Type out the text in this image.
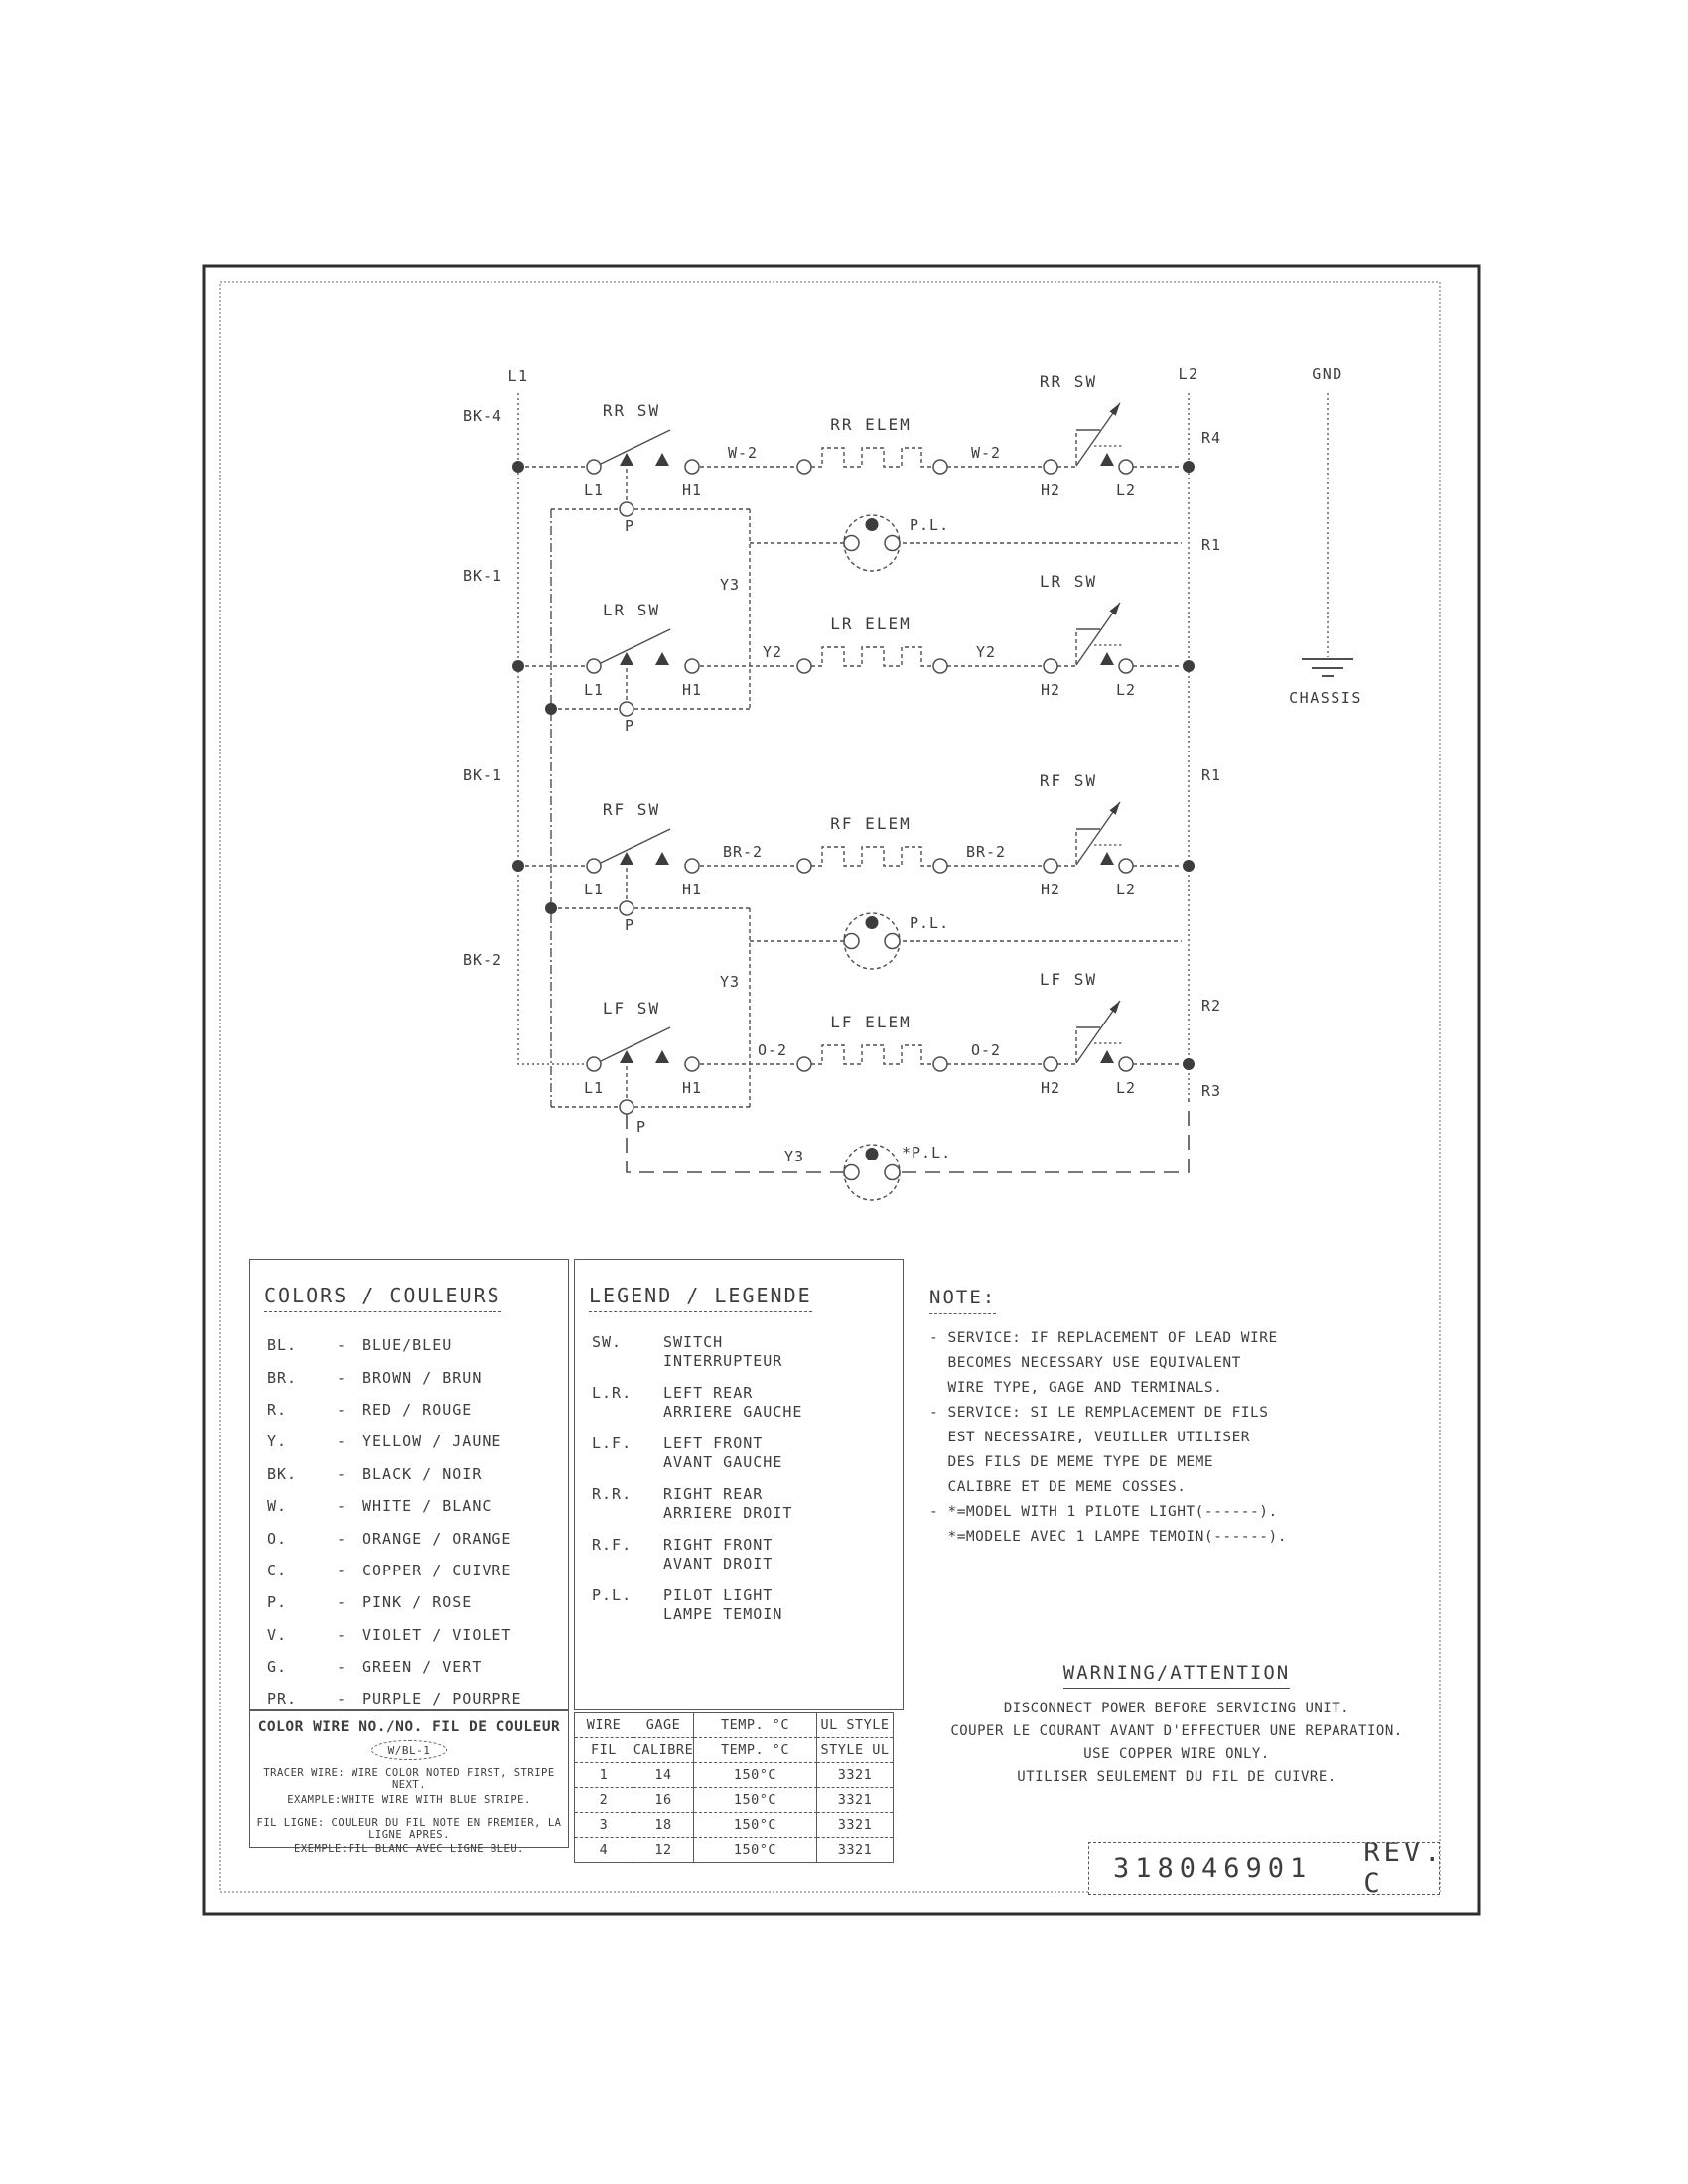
RR SW
RR ELEM
RR SW
W-2	W-2
L1	H1
P
H2	L2
LR SW
LR ELEM
LR SW
Y2	Y2
L1	H1
P
H2	L2
RF SW
RF ELEM
RF SW
BR-2	BR-2
L1	H1
P
H2	L2
LF SW
LF ELEM
LF SW
O-2	O-2
L1	H1
P
H2	L2
P.L.
P.L.
*P.L.
Y3
Y3
Y3
L1	L2	GND
CHASSIS
BK-4
BK-1
BK-1
BK-2
R4
R1
R1
R2
R3
COLORS / COULEURS
BL.	-	BLUE/BLEU
BR.	-	BROWN / BRUN
R.	-	RED / ROUGE
Y.	-	YELLOW / JAUNE
BK.	-	BLACK / NOIR
W.	-	WHITE / BLANC
O.	-	ORANGE / ORANGE
C.	-	COPPER / CUIVRE
P.	-	PINK / ROSE
V.	-	VIOLET / VIOLET
G.	-	GREEN / VERT
PR.	-	PURPLE / POURPRE
COLOR WIRE NO./NO. FIL DE COULEUR
W/BL-1
TRACER WIRE: WIRE COLOR NOTED FIRST, STRIPE NEXT.
EXAMPLE:WHITE WIRE WITH BLUE STRIPE.
FIL LIGNE: COULEUR DU FIL NOTE EN PREMIER, LA LIGNE APRES.
EXEMPLE:FIL BLANC AVEC LIGNE BLEU.
LEGEND / LEGENDE
SW.	SWITCH
INTERRUPTEUR
L.R.	LEFT REAR
ARRIERE GAUCHE
L.F.	LEFT FRONT
AVANT GAUCHE
R.R.	RIGHT REAR
ARRIERE DROIT
R.F.	RIGHT FRONT
AVANT DROIT
P.L.	PILOT LIGHT
LAMPE TEMOIN
WIRE	GAGE	TEMP. °C	UL STYLE
FIL	CALIBRE	TEMP. °C	STYLE UL
1	14	150°C	3321
2	16	150°C	3321
3	18	150°C	3321
4	12	150°C	3321
NOTE:
- SERVICE: IF REPLACEMENT OF LEAD WIRE
BECOMES NECESSARY USE EQUIVALENT
WIRE TYPE, GAGE AND TERMINALS.
- SERVICE: SI LE REMPLACEMENT DE FILS
EST NECESSAIRE, VEUILLER UTILISER
DES FILS DE MEME TYPE DE MEME
CALIBRE ET DE MEME COSSES.
- *=MODEL WITH 1 PILOTE LIGHT(------).
*=MODELE AVEC 1 LAMPE TEMOIN(------).
WARNING/ATTENTION
DISCONNECT POWER BEFORE SERVICING UNIT.
COUPER LE COURANT AVANT D'EFFECTUER UNE REPARATION.
USE COPPER WIRE ONLY.
UTILISER SEULEMENT DU FIL DE CUIVRE.
318046901 REV. C
